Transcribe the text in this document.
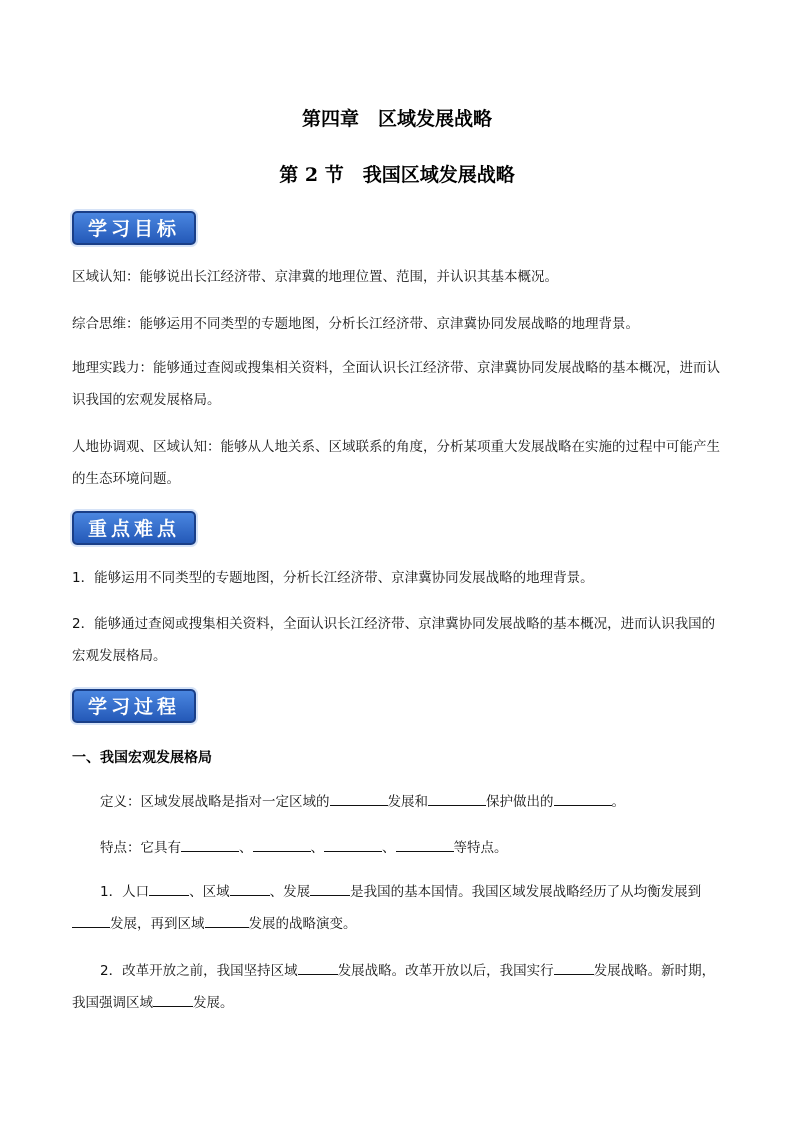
第四章　区域发展战略
第 2 节　我国区域发展战略
学习目标
区域认知：能够说出长江经济带、京津冀的地理位置、范围，并认识其基本概况。
综合思维：能够运用不同类型的专题地图，分析长江经济带、京津冀协同发展战略的地理背景。
地理实践力：能够通过查阅或搜集相关资料，全面认识长江经济带、京津冀协同发展战略的基本概况，进而认识我国的宏观发展格局。
人地协调观、区域认知：能够从人地关系、区域联系的角度，分析某项重大发展战略在实施的过程中可能产生的生态环境问题。
重点难点
1．能够运用不同类型的专题地图，分析长江经济带、京津冀协同发展战略的地理背景。
2．能够通过查阅或搜集相关资料，全面认识长江经济带、京津冀协同发展战略的基本概况，进而认识我国的宏观发展格局。
学习过程
一、我国宏观发展格局
定义：区域发展战略是指对一定区域的	发展和	保护做出的	。
特点：它具有	、	、	、	等特点。
1．人口	、区域	、发展	是我国的基本国情。我国区域发展战略经历了从均衡发展到发展，再到区域	发展的战略演变。
2．改革开放之前，我国坚持区域	发展战略。改革开放以后，我国实行	发展战略。新时期，我国强调区域	发展。
